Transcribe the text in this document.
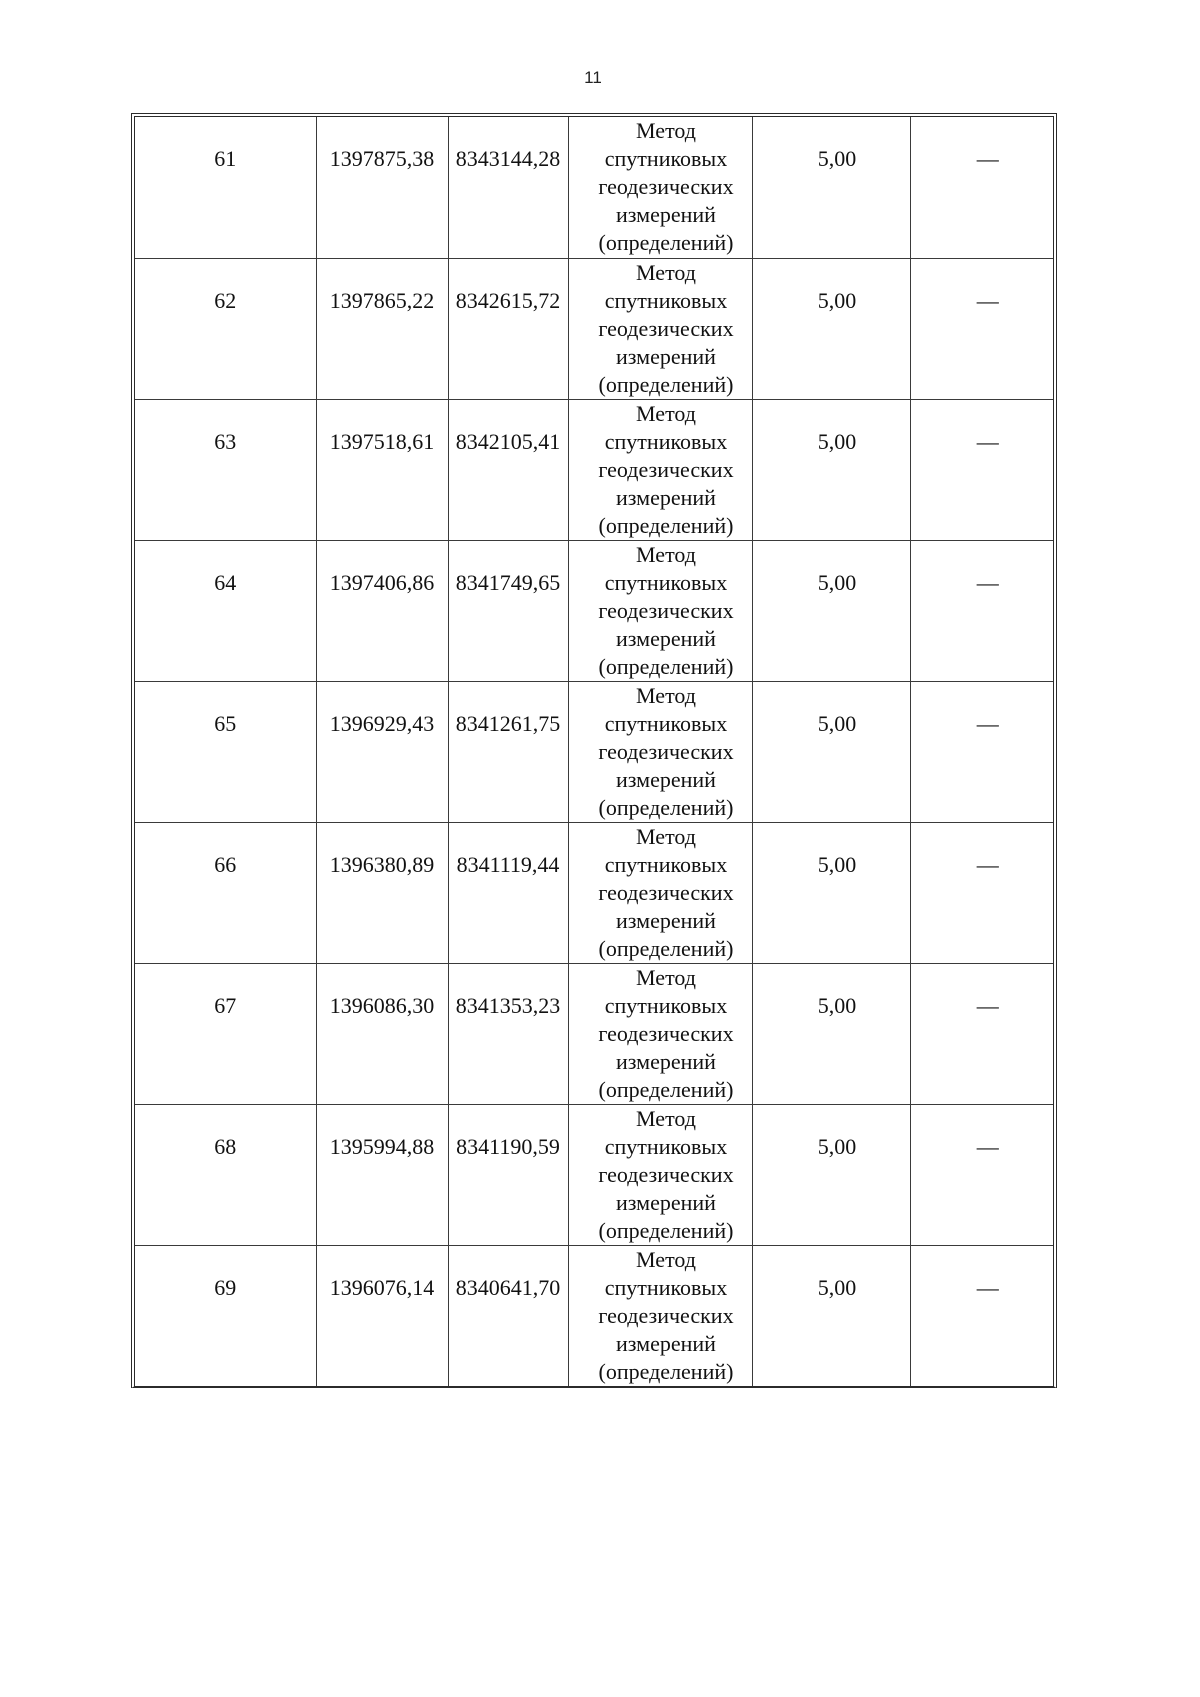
11
61	1397875,38	8343144,28	Метод спутниковых геодезических измерений (определений)	5,00	—
62	1397865,22	8342615,72	Метод спутниковых геодезических измерений (определений)	5,00	—
63	1397518,61	8342105,41	Метод спутниковых геодезических измерений (определений)	5,00	—
64	1397406,86	8341749,65	Метод спутниковых геодезических измерений (определений)	5,00	—
65	1396929,43	8341261,75	Метод спутниковых геодезических измерений (определений)	5,00	—
66	1396380,89	8341119,44	Метод спутниковых геодезических измерений (определений)	5,00	—
67	1396086,30	8341353,23	Метод спутниковых геодезических измерений (определений)	5,00	—
68	1395994,88	8341190,59	Метод спутниковых геодезических измерений (определений)	5,00	—
69	1396076,14	8340641,70	Метод спутниковых геодезических измерений (определений)	5,00	—
